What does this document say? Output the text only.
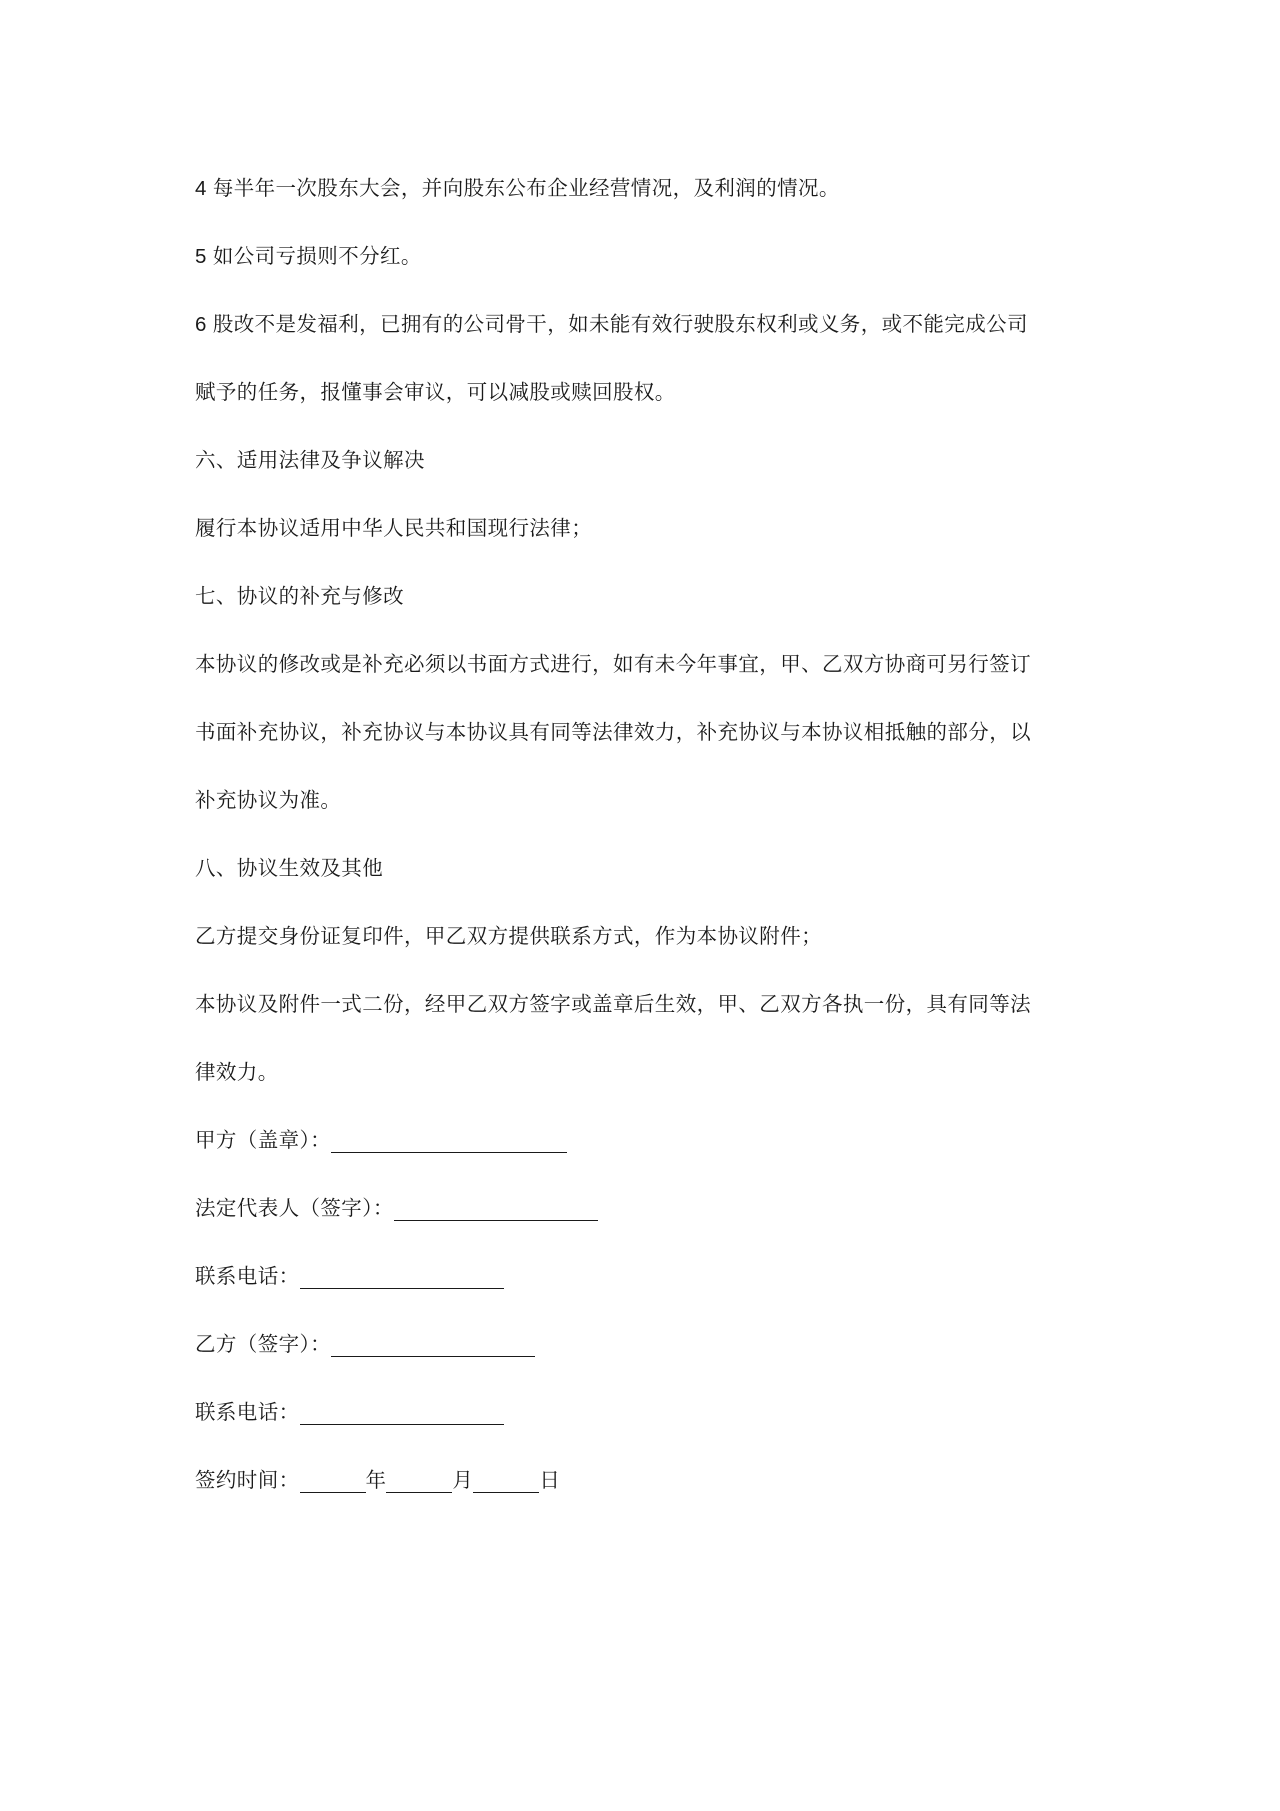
4 每半年一次股东大会，并向股东公布企业经营情况，及利润的情况。
5 如公司亏损则不分红。
6 股改不是发福利，已拥有的公司骨干，如未能有效行驶股东权利或义务，或不能完成公司
赋予的任务，报懂事会审议，可以减股或赎回股权。
六、适用法律及争议解决
履行本协议适用中华人民共和国现行法律；
七、协议的补充与修改
本协议的修改或是补充必须以书面方式进行，如有未今年事宜，甲、乙双方协商可另行签订
书面补充协议，补充协议与本协议具有同等法律效力，补充协议与本协议相抵触的部分，以
补充协议为准。
八、协议生效及其他
乙方提交身份证复印件，甲乙双方提供联系方式，作为本协议附件；
本协议及附件一式二份，经甲乙双方签字或盖章后生效，甲、乙双方各执一份，具有同等法
律效力。
甲方（盖章）：
法定代表人（签字）：
联系电话：
乙方（签字）：
联系电话：
签约时间：	年	月	日
